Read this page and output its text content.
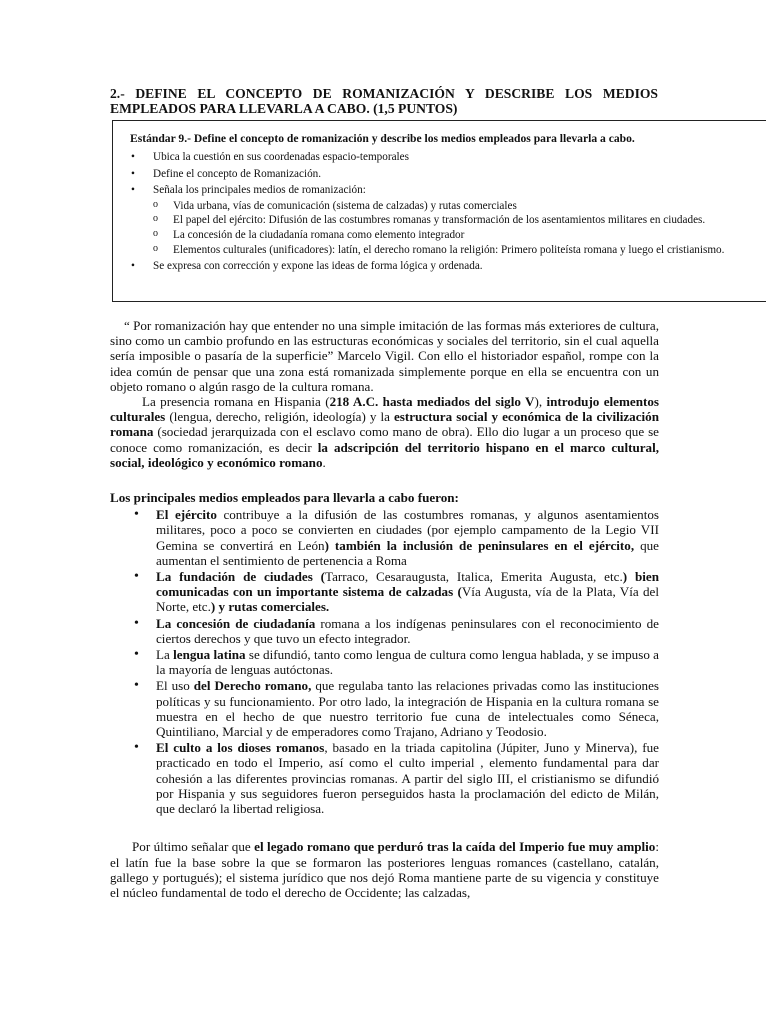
2.- DEFINE EL CONCEPTO DE ROMANIZACIÓN Y DESCRIBE LOS MEDIOS EMPLEADOS PARA LLEVARLA A CABO. (1,5 PUNTOS)
Estándar 9.- Define el concepto de romanización y describe los medios empleados para llevarla a cabo.
• Ubica la cuestión en sus coordenadas espacio-temporales
• Define el concepto de Romanización.
• Señala los principales medios de romanización:
o Vida urbana, vías de comunicación (sistema de calzadas) y rutas comerciales
o El papel del ejército: Difusión de las costumbres romanas y transformación de los asentamientos militares en ciudades.
o La concesión de la ciudadanía romana como elemento integrador
o Elementos culturales (unificadores): latín, el derecho romano la religión: Primero politeísta romana y luego el cristianismo.
• Se expresa con corrección y expone las ideas de forma lógica y ordenada.

“ Por romanización hay que entender no una simple imitación de las formas más exteriores de cultura, sino como un cambio profundo en las estructuras económicas y sociales del territorio, sin el cual aquella sería imposible o pasaría de la superficie” Marcelo Vigil. Con ello el historiador español, rompe con la idea común de pensar que una zona está romanizada simplemente porque en ella se encuentra con un objeto romano o algún rasgo de la cultura romana.

La presencia romana en Hispania (218 A.C. hasta mediados del siglo V), introdujo elementos culturales (lengua, derecho, religión, ideología) y la estructura social y económica de la civilización romana (sociedad jerarquizada con el esclavo como mano de obra). Ello dio lugar a un proceso que se conoce como romanización, es decir la adscripción del territorio hispano en el marco cultural, social, ideológico y económico romano.

Los principales medios empleados para llevarla a cabo fueron:

• El ejército contribuye a la difusión de las costumbres romanas, y algunos asentamientos militares, poco a poco se convierten en ciudades (por ejemplo campamento de la Legio VII Gemina se convertirá en León) también la inclusión de peninsulares en el ejército, que aumentan el sentimiento de pertenencia a Roma
• La fundación de ciudades (Tarraco, Cesaraugusta, Italica, Emerita Augusta, etc.) bien comunicadas con un importante sistema de calzadas (Vía Augusta, vía de la Plata, Vía del Norte, etc.) y rutas comerciales.
• La concesión de ciudadanía romana a los indígenas peninsulares con el reconocimiento de ciertos derechos y que tuvo un efecto integrador.
• La lengua latina se difundió, tanto como lengua de cultura como lengua hablada, y se impuso a la mayoría de lenguas autóctonas.
• El uso del Derecho romano, que regulaba tanto las relaciones privadas como las instituciones políticas y su funcionamiento. Por otro lado, la integración de Hispania en la cultura romana se muestra en el hecho de que nuestro territorio fue cuna de intelectuales como Séneca, Quintiliano, Marcial y de emperadores como Trajano, Adriano y Teodosio.
• El culto a los dioses romanos, basado en la triada capitolina (Júpiter, Juno y Minerva), fue practicado en todo el Imperio, así como el culto imperial , elemento fundamental para dar cohesión a las diferentes provincias romanas. A partir del siglo III, el cristianismo se difundió por Hispania y sus seguidores fueron perseguidos hasta la proclamación del edicto de Milán, que declaró la libertad religiosa.

Por último señalar que el legado romano que perduró tras la caída del Imperio fue muy amplio: el latín fue la base sobre la que se formaron las posteriores lenguas romances (castellano, catalán, gallego y portugués); el sistema jurídico que nos dejó Roma mantiene parte de su vigencia y constituye el núcleo fundamental de todo el derecho de Occidente; las calzadas,
